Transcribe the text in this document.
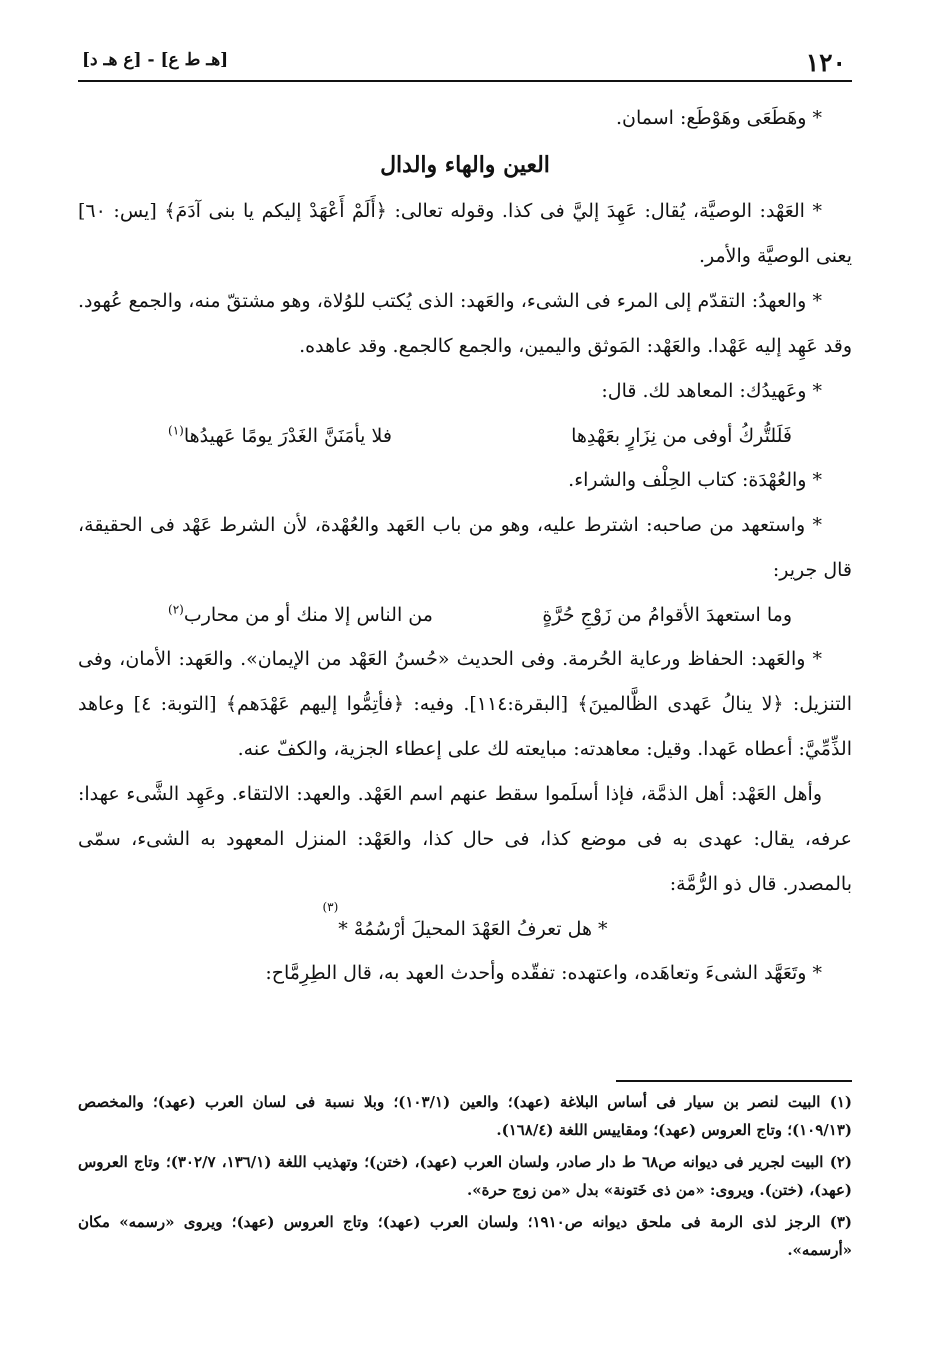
١٢٠
[هـ ط ع] - [ع هـ د]

* وهَطَعَى وهَوْطَع: اسمان.

العين والهاء والدال

* العَهْد: الوصيَّة، يُقال: عَهِدَ إليَّ فى كذا. وقوله تعالى: ﴿أَلَمْ أَعْهَدْ إليكم يا بنى آدَمَ﴾ [يس: ٦٠] يعنى الوصيَّة والأمر.

* والعهدُ: التقدّم إلى المرء فى الشىء، والعَهد: الذى يُكتب للوُلاة، وهو مشتقّ منه، والجمع عُهود. وقد عَهِد إليه عَهْدا. والعَهْد: المَوثق واليمين، والجمع كالجمع. وقد عاهده.

* وعَهيدُك: المعاهد لك. قال:

فَلَلتُّركُ أوفى من نِزَارٍ بعَهْدِها
فلا يأمَنَنَّ الغَدْرَ يومًا عَهيدُها$^{(١)}$

* والعُهْدَة: كتاب الحِلْف والشراء.

* واستعهد من صاحبه: اشترط عليه، وهو من باب العَهد والعُهْدة، لأن الشرط عَهْد فى الحقيقة، قال جرير:

وما استعهدَ الأقوامُ من زَوْجِ حُرَّةٍ
من الناس إلا منك أو من محارب$^{(٢)}$

* والعَهد: الحفاظ ورعاية الحُرمة. وفى الحديث «حُسنُ العَهْد من الإيمان». والعَهد: الأمان، وفى التنزيل: ﴿لا ينالُ عَهدى الظَّالمينَ﴾ [البقرة:١١٤]. وفيه: ﴿فأتِمُّوا إليهم عَهْدَهم﴾ [التوبة: ٤] وعاهد الذِّمِّيَّ: أعطاه عَهدا. وقيل: معاهدته: مبايعته لك على إعطاء الجزية، والكفّ عنه.

وأهل العَهْد: أهل الذمَّة، فإذا أسلَموا سقط عنهم اسم العَهْد. والعهد: الالتقاء. وعَهِد الشَّىء عهدا: عرفه، يقال: عهدى به فى موضع كذا، فى حال كذا، والعَهْد: المنزل المعهود به الشىء، سمّى بالمصدر. قال ذو الرُّمَّة:

* هل تعرفُ العَهْدَ المحيلَ أرْسُمُهْ *
(٣)

* وتَعَهَّد الشىءَ وتعاهَده، واعتهده: تفقّده وأحدث العهد به، قال الطِرِمَّاح:

(١) البيت لنصر بن سيار فى أساس البلاغة (عهد)؛ والعين (١٠٣/١)؛ وبلا نسبة فى لسان العرب (عهد)؛ والمخصص (١٠٩/١٣)؛ وتاج العروس (عهد)؛ ومقاييس اللغة (١٦٨/٤).

(٢) البيت لجرير فى ديوانه ص٦٨ ط دار صادر، ولسان العرب (عهد)، (ختن)؛ وتهذيب اللغة (١٣٦/١، ٣٠٢/٧)؛ وتاج العروس (عهد)، (ختن). ويروى: «من ذى خَتونة» بدل «من زوج حرة».

(٣) الرجز لذى الرمة فى ملحق ديوانه ص١٩١٠؛ ولسان العرب (عهد)؛ وتاج العروس (عهد)؛ ويروى «رسمه» مكان «أرسمه».
